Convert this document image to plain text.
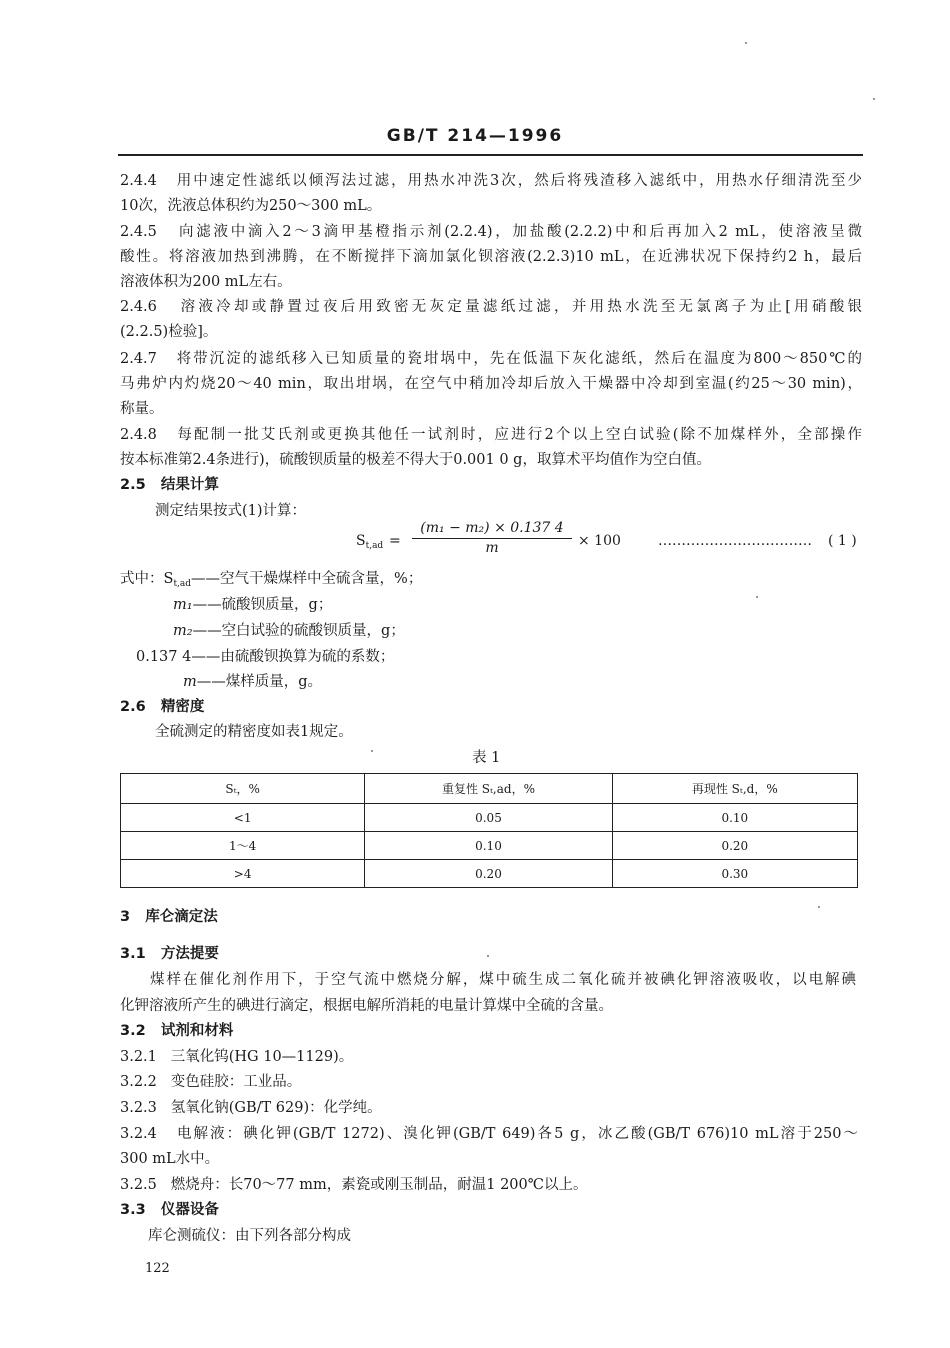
GB/T 214—1996
2.4.4 用中速定性滤纸以倾泻法过滤，用热水冲洗3次，然后将残渣移入滤纸中，用热水仔细清洗至少
10次，洗液总体积约为250～300 mL。
2.4.5 向滤液中滴入2～3滴甲基橙指示剂(2.2.4)，加盐酸(2.2.2)中和后再加入2 mL，使溶液呈微
酸性。将溶液加热到沸腾，在不断搅拌下滴加氯化钡溶液(2.2.3)10 mL，在近沸状况下保持约2 h，最后
溶液体积为200 mL左右。
2.4.6 溶液冷却或静置过夜后用致密无灰定量滤纸过滤，并用热水洗至无氯离子为止[用硝酸银
(2.2.5)检验]。
2.4.7 将带沉淀的滤纸移入已知质量的瓷坩埚中，先在低温下灰化滤纸，然后在温度为800～850℃的
马弗炉内灼烧20～40 min，取出坩埚，在空气中稍加冷却后放入干燥器中冷却到室温(约25～30 min)，
称量。
2.4.8 每配制一批艾氏剂或更换其他任一试剂时，应进行2个以上空白试验(除不加煤样外，全部操作
按本标准第2.4条进行)，硫酸钡质量的极差不得大于0.001 0 g，取算术平均值作为空白值。
2.5 结果计算
测定结果按式(1)计算：
$S_{t,ad} = \frac{\text{(m₁ − m₂) × 0.137 4}}{m} \times 100$	…………………………… ( 1 )
式中：$S_{t,ad}——$空气干燥煤样中全硫含量，%；
m₁——硫酸钡质量，g；
m₂——空白试验的硫酸钡质量，g；
0.137 4——由硫酸钡换算为硫的系数；
m——煤样质量，g。
2.6 精密度
全硫测定的精密度如表1规定。
表 1
Sₜ，%	重复性 Sₜ,ad，%	再现性 Sₜ,d，%
<1	0.05	0.10
1～4	0.10	0.20
>4	0.20	0.30
3 库仑滴定法
3.1 方法提要
煤样在催化剂作用下，于空气流中燃烧分解，煤中硫生成二氧化硫并被碘化钾溶液吸收，以电解碘
化钾溶液所产生的碘进行滴定，根据电解所消耗的电量计算煤中全硫的含量。
3.2 试剂和材料
3.2.1 三氧化钨(HG 10—1129)。
3.2.2 变色硅胶：工业品。
3.2.3 氢氧化钠(GB/T 629)：化学纯。
3.2.4 电解液：碘化钾(GB/T 1272)、溴化钾(GB/T 649)各5 g，冰乙酸(GB/T 676)10 mL溶于250～
300 mL水中。
3.2.5 燃烧舟：长70～77 mm，素瓷或刚玉制品，耐温1 200℃以上。
3.3 仪器设备
库仑测硫仪：由下列各部分构成
122
